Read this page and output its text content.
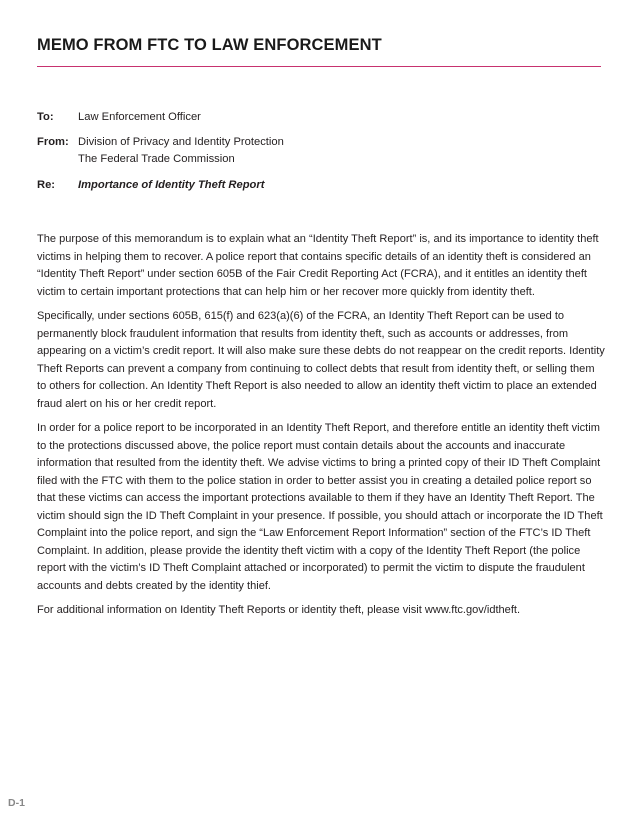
MEMO FROM FTC TO LAW ENFORCEMENT
To: Law Enforcement Officer
From: Division of Privacy and Identity Protection
The Federal Trade Commission
Re: Importance of Identity Theft Report

The purpose of this memorandum is to explain what an “Identity Theft Report” is, and its importance to identity theft victims in helping them to recover. A police report that contains specific details of an identity theft is considered an “Identity Theft Report” under section 605B of the Fair Credit Reporting Act (FCRA), and it entitles an identity theft victim to certain important protections that can help him or her recover more quickly from identity theft.

Specifically, under sections 605B, 615(f) and 623(a)(6) of the FCRA, an Identity Theft Report can be used to permanently block fraudulent information that results from identity theft, such as accounts or addresses, from appearing on a victim’s credit report. It will also make sure these debts do not reappear on the credit reports. Identity Theft Reports can prevent a company from continuing to collect debts that result from identity theft, or selling them to others for collection. An Identity Theft Report is also needed to allow an identity theft victim to place an extended fraud alert on his or her credit report.

In order for a police report to be incorporated in an Identity Theft Report, and therefore entitle an identity theft victim to the protections discussed above, the police report must contain details about the accounts and inaccurate information that resulted from the identity theft. We advise victims to bring a printed copy of their ID Theft Complaint filed with the FTC with them to the police station in order to better assist you in creating a detailed police report so that these victims can access the important protections available to them if they have an Identity Theft Report. The victim should sign the ID Theft Complaint in your presence. If possible, you should attach or incorporate the ID Theft Complaint into the police report, and sign the “Law Enforcement Report Information” section of the FTC’s ID Theft Complaint. In addition, please provide the identity theft victim with a copy of the Identity Theft Report (the police report with the victim’s ID Theft Complaint attached or incorporated) to permit the victim to dispute the fraudulent accounts and debts created by the identity thief.

For additional information on Identity Theft Reports or identity theft, please visit www.ftc.gov/idtheft.

D-1
